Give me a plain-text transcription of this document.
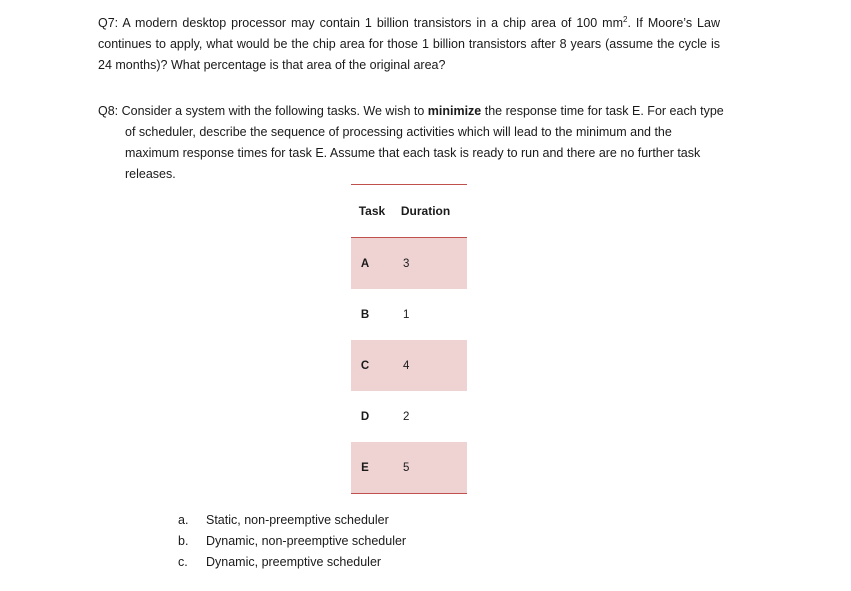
Q7: A modern desktop processor may contain 1 billion transistors in a chip area of 100 $mm^2$. If Moore’s Law continues to apply, what would be the chip area for those 1 billion transistors after 8 years (assume the cycle is 24 months)? What percentage is that area of the original area?
Q8: Consider a system with the following tasks. We wish to minimize the response time for task E. For each type of scheduler, describe the sequence of processing activities which will lead to the minimum and the maximum response times for task E. Assume that each task is ready to run and there are no further task releases.
Task	Duration
A	3
B	1
C	4
D	2
E	5
a.	Static, non-preemptive scheduler
b.	Dynamic, non-preemptive scheduler
c.	Dynamic, preemptive scheduler
